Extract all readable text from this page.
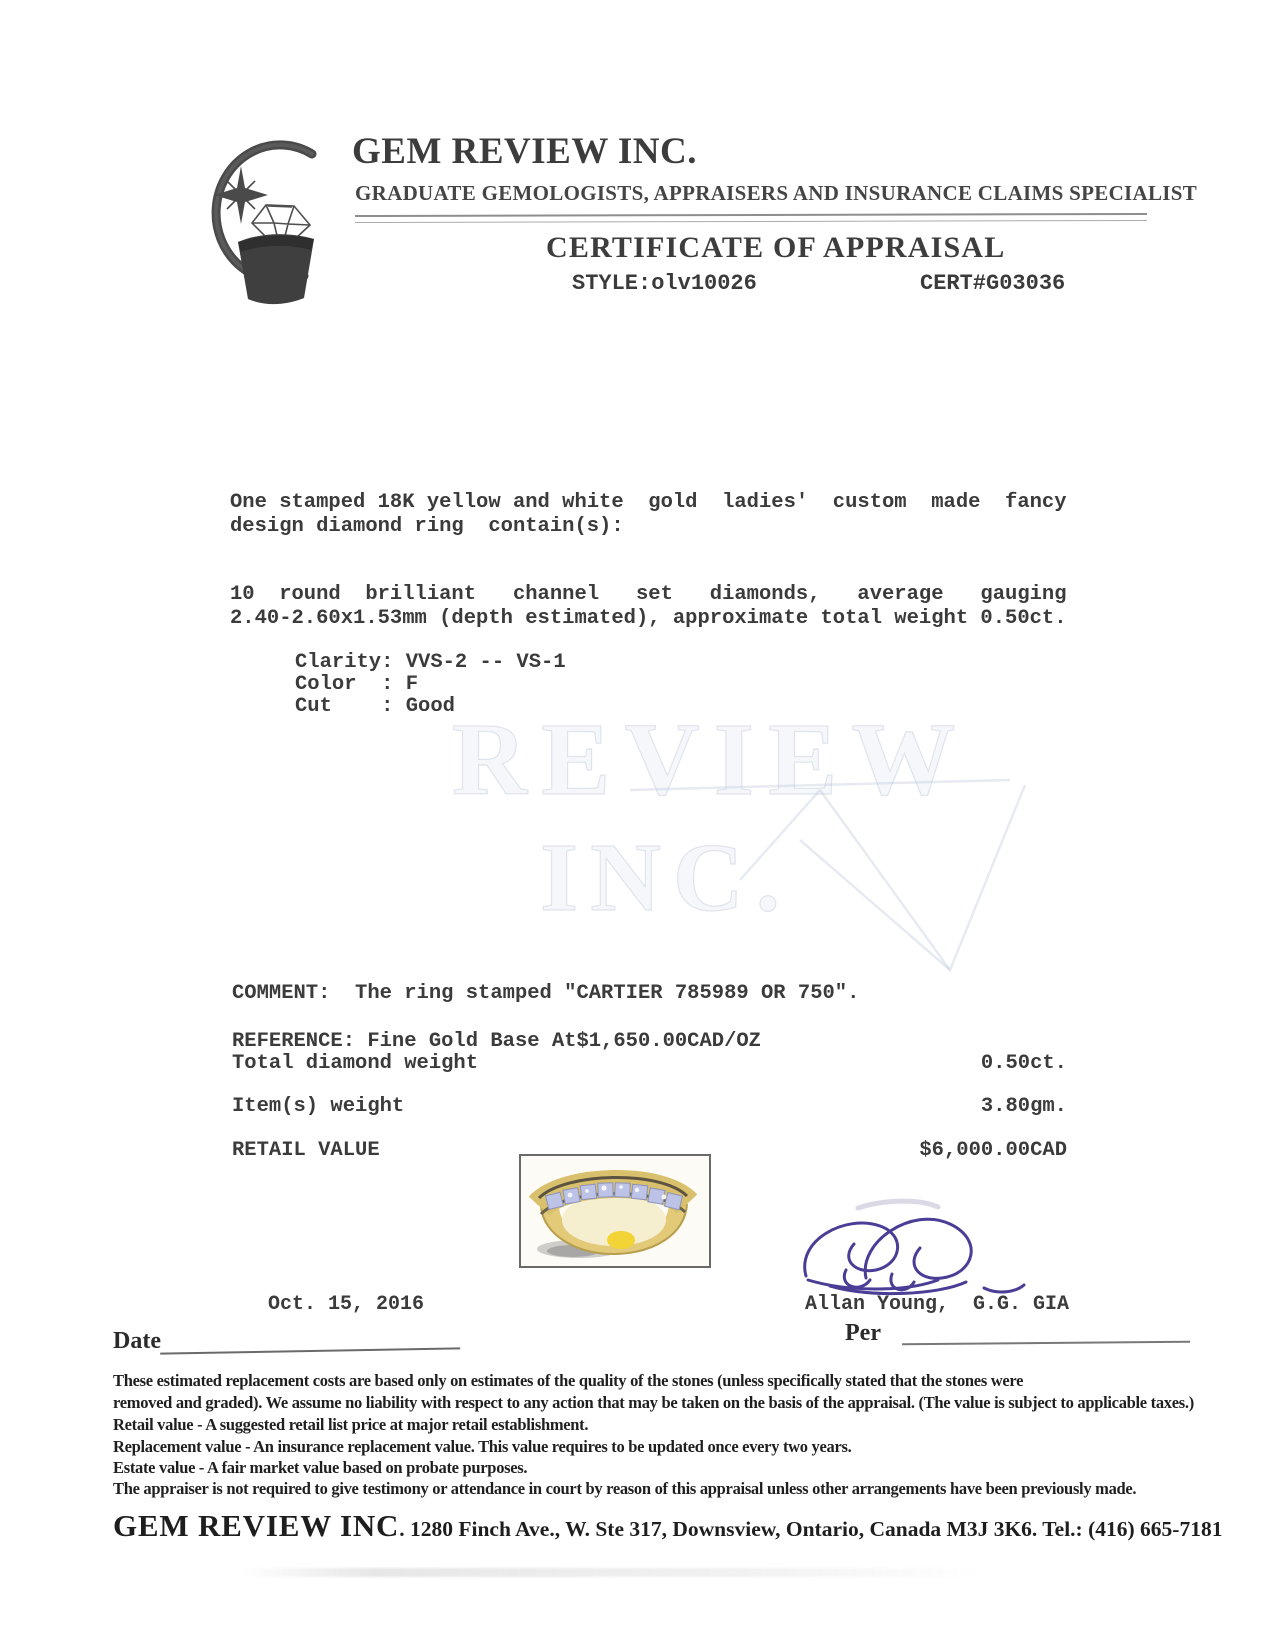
GEM REVIEW INC.
GRADUATE GEMOLOGISTS, APPRAISERS AND INSURANCE CLAIMS SPECIALIST
CERTIFICATE OF APPRAISAL
STYLE:olv10026	CERT#G03036
REVIEW
INC.
One stamped 18K yellow and white  gold  ladies'  custom  made  fancy
design diamond ring  contain(s):
10  round  brilliant   channel   set   diamonds,   average   gauging
2.40-2.60x1.53mm (depth estimated), approximate total weight 0.50ct.
Clarity: VVS-2 -- VS-1
Color  : F
Cut    : Good
COMMENT:  The ring stamped "CARTIER 785989 OR 750".
REFERENCE: Fine Gold Base At$1,650.00CAD/OZ
Total diamond weight	0.50ct.
Item(s) weight	3.80gm.
RETAIL VALUE	$6,000.00CAD
Oct. 15, 2016	Allan Young,  G.G. GIA
Date	Per
These estimated replacement costs are based only on estimates of the quality of the stones (unless specifically stated that the stones were
removed and graded). We assume no liability with respect to any action that may be taken on the basis of the appraisal. (The value is subject to applicable taxes.)
Retail value - A suggested retail list price at major retail establishment.
Replacement value - An insurance replacement value. This value requires to be updated once every two years.
Estate value - A fair market value based on probate purposes.
The appraiser is not required to give testimony or attendance in court by reason of this appraisal unless other arrangements have been previously made.
GEM REVIEW INC. 1280 Finch Ave., W. Ste 317, Downsview, Ontario, Canada M3J 3K6. Tel.: (416) 665-7181
